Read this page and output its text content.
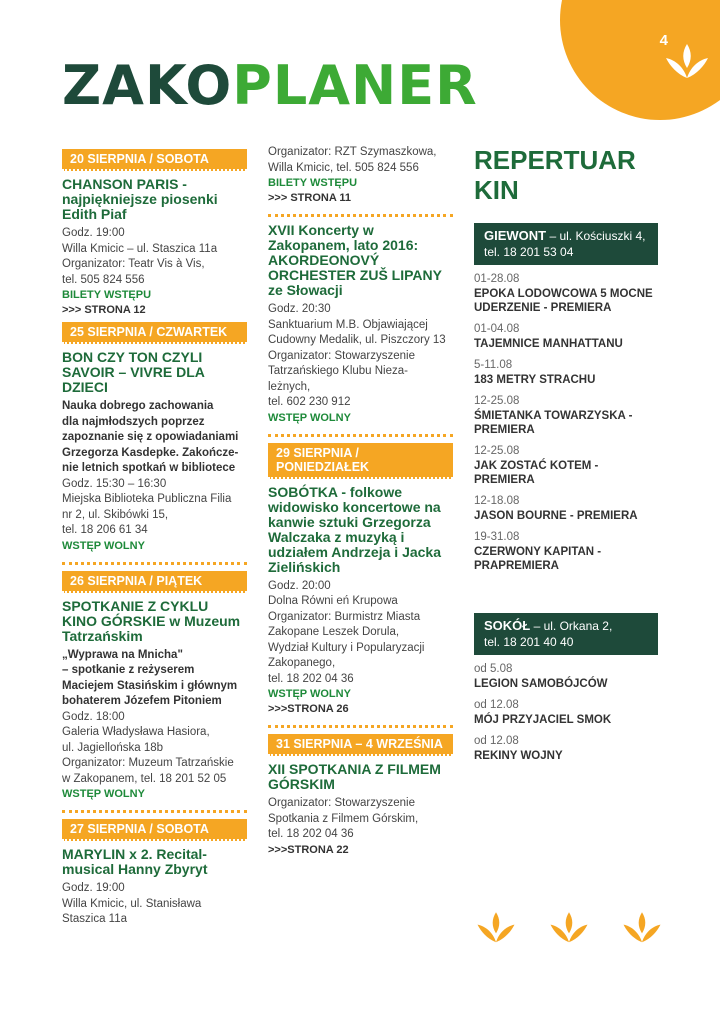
4
ZAKOPLANER
20 SIERPNIA / SOBOTA
CHANSON PARIS - najpiękniejsze piosenki Edith Piaf
Godz. 19:00
Willa Kmicic – ul. Staszica 11a
Organizator: Teatr Vis à Vis,
tel. 505 824 556
BILETY WSTĘPU
>>> STRONA 12
25 SIERPNIA / CZWARTEK
BON CZY TON CZYLI SAVOIR – VIVRE DLA DZIECI
Nauka dobrego zachowania
dla najmłodszych poprzez
zapoznanie się z opowiadaniami
Grzegorza Kasdepke. Zakończe-
nie letnich spotkań w bibliotece
Godz. 15:30 – 16:30
Miejska Biblioteka Publiczna Filia
nr 2, ul. Skibówki 15,
tel. 18 206 61 34
WSTĘP WOLNY
26 SIERPNIA / PIĄTEK
SPOTKANIE Z CYKLU KINO GÓRSKIE w Muzeum Tatrzańskim
„Wyprawa na Mnicha"
– spotkanie z reżyserem
Maciejem Stasińskim i głównym
bohaterem Józefem Pitoniem
Godz. 18:00
Galeria Władysława Hasiora,
ul. Jagiellońska 18b
Organizator: Muzeum Tatrzańskie
w Zakopanem, tel. 18 201 52 05
WSTĘP WOLNY
27 SIERPNIA / SOBOTA
MARYLIN x 2. Recital-musical Hanny Zbyryt
Godz. 19:00
Willa Kmicic, ul. Stanisława
Staszica 11a
Organizator: RZT Szymaszkowa,
Willa Kmicic, tel. 505 824 556
BILETY WSTĘPU
>>> STRONA 11
XVII Koncerty w Zakopanem, lato 2016: AKORDEONOVÝ ORCHESTER ZUŠ LIPANY ze Słowacji
Godz. 20:30
Sanktuarium M.B. Objawiającej
Cudowny Medalik, ul. Piszczory 13
Organizator: Stowarzyszenie
Tatrzańskiego Klubu Nieza-
leżnych,
tel. 602 230 912
WSTĘP WOLNY
29 SIERPNIA / PONIEDZIAŁEK
SOBÓTKA - folkowe widowisko koncertowe na kanwie sztuki Grzegorza Walczaka z muzyką i udziałem Andrzeja i Jacka Zielińskich
Godz. 20:00
Dolna Równi eń Krupowa
Organizator: Burmistrz Miasta
Zakopane Leszek Dorula,
Wydział Kultury i Popularyzacji
Zakopanego,
tel. 18 202 04 36
WSTĘP WOLNY
>>>STRONA 26
31 SIERPNIA – 4 WRZEŚNIA
XII SPOTKANIA Z FILMEM GÓRSKIM
Organizator: Stowarzyszenie
Spotkania z Filmem Górskim,
tel. 18 202 04 36
>>>STRONA 22
REPERTUAR KIN
GIEWONT – ul. Kościuszki 4,
tel. 18 201 53 04
01-28.08
EPOKA LODOWCOWA 5 MOCNE UDERZENIE - PREMIERA
01-04.08
TAJEMNICE MANHATTANU
5-11.08
183 METRY STRACHU
12-25.08
ŚMIETANKA TOWARZYSKA - PREMIERA
12-25.08
JAK ZOSTAĆ KOTEM - PREMIERA
12-18.08
JASON BOURNE - PREMIERA
19-31.08
CZERWONY KAPITAN - PRAPREMIERA
SOKÓŁ – ul. Orkana 2,
tel. 18 201 40 40
od 5.08
LEGION SAMOBÓJCÓW
od 12.08
MÓJ PRZYJACIEL SMOK
od 12.08
REKINY WOJNY
